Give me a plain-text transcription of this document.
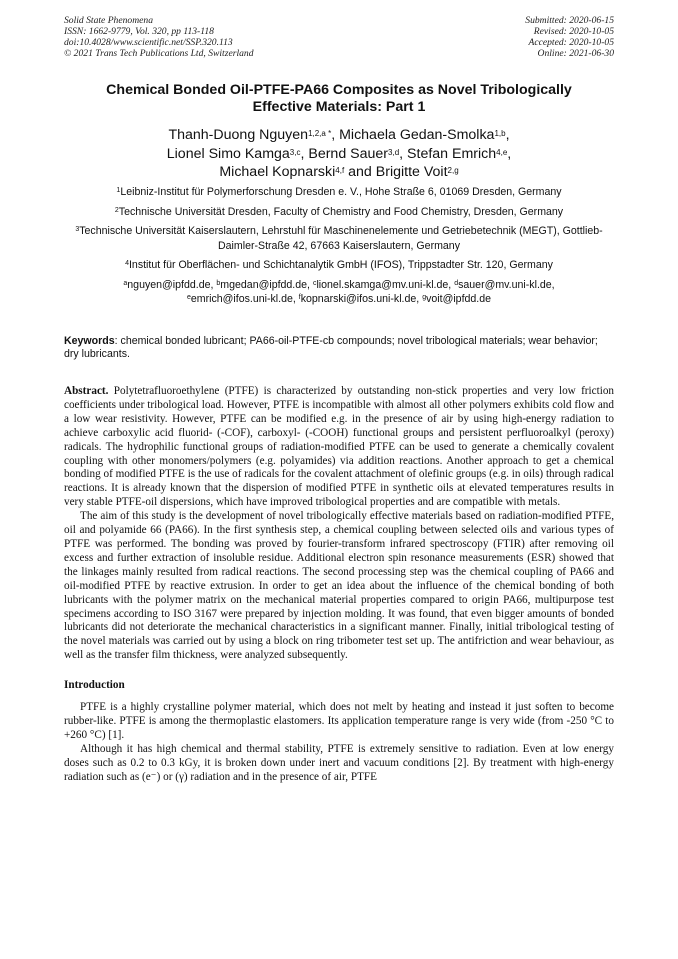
Solid State Phenomena
ISSN: 1662-9779, Vol. 320, pp 113-118
doi:10.4028/www.scientific.net/SSP.320.113
© 2021 Trans Tech Publications Ltd, Switzerland
Submitted: 2020-06-15
Revised: 2020-10-05
Accepted: 2020-10-05
Online: 2021-06-30
Chemical Bonded Oil-PTFE-PA66 Composites as Novel Tribologically
Effective Materials: Part 1
Thanh-Duong Nguyen$^{1,2,a *}$, Michaela Gedan-Smolka$^{1,b}$,
Lionel Simo Kamga$^{3,c}$, Bernd Sauer$^{3,d}$, Stefan Emrich$^{4,e}$,
Michael Kopnarski$^{4,f}$ and Brigitte Voit$^{2,g}$

$^1$Leibniz-Institut für Polymerforschung Dresden e. V., Hohe Straße 6, 01069 Dresden, Germany

$^2$Technische Universität Dresden, Faculty of Chemistry and Food Chemistry, Dresden, Germany

$^3$Technische Universität Kaiserslautern, Lehrstuhl für Maschinenelemente und Getriebetechnik (MEGT), Gottlieb-Daimler-Straße 42, 67663 Kaiserslautern, Germany

$^4$Institut für Oberflächen- und Schichtanalytik GmbH (IFOS), Trippstadter Str. 120, Germany

$^a$nguyen@ipfdd.de, $^b$mgedan@ipfdd.de, $^c$lionel.skamga@mv.uni-kl.de, $^d$sauer@mv.uni-kl.de,
$^e$emrich@ifos.uni-kl.de, $^f$kopnarski@ifos.uni-kl.de, $^g$voit@ipfdd.de

Keywords: chemical bonded lubricant; PA66-oil-PTFE-cb compounds; novel tribological materials; wear behavior; dry lubricants.

Abstract. Polytetrafluoroethylene (PTFE) is characterized by outstanding non-stick properties and very low friction coefficients under tribological load. However, PTFE is incompatible with almost all other polymers exhibits cold flow and a low wear resistivity. However, PTFE can be modified e.g. in the presence of air by using high-energy radiation to achieve carboxylic acid fluorid- (-COF), carboxyl- (-COOH) functional groups and persistent perfluoroalkyl (peroxy) radicals. The hydrophilic functional groups of radiation-modified PTFE can be used to generate a chemically covalent coupling with other monomers/polymers (e.g. polyamides) via addition reactions. Another approach to get a chemical bonding of modified PTFE is the use of radicals for the covalent attachment of olefinic groups (e.g. in oils) through radical reactions. It is already known that the dispersion of modified PTFE in synthetic oils at elevated temperatures results in very stable PTFE-oil dispersions, which have improved tribological properties and are compatible with metals.

The aim of this study is the development of novel tribologically effective materials based on radiation-modified PTFE, oil and polyamide 66 (PA66). In the first synthesis step, a chemical coupling between selected oils and various types of PTFE was performed. The bonding was proved by fourier-transform infrared spectroscopy (FTIR) after removing oil excess and further extraction of insoluble residue. Additional electron spin resonance measurements (ESR) showed that the linkages mainly resulted from radical reactions. The second processing step was the chemical coupling of PA66 and oil-modified PTFE by reactive extrusion. In order to get an idea about the influence of the chemical bonding of both lubricants with the polymer matrix on the mechanical material properties compared to origin PA66, multipurpose test specimens according to ISO 3167 were prepared by injection molding. It was found, that even bigger amounts of bonded lubricants did not deteriorate the mechanical characteristics in a significant manner. Finally, initial tribological testing of the novel materials was carried out by using a block on ring tribometer test set up. The antifriction and wear behaviour, as well as the transfer film thickness, were analyzed subsequently.

Introduction

PTFE is a highly crystalline polymer material, which does not melt by heating and instead it just soften to become rubber-like. PTFE is among the thermoplastic elastomers. Its application temperature range is very wide (from -250 °C to +260 °C) [1].

Although it has high chemical and thermal stability, PTFE is extremely sensitive to radiation. Even at low energy doses such as 0.2 to 0.3 kGy, it is broken down under inert and vacuum conditions [2]. By treatment with high-energy radiation such as (e⁻) or (γ) radiation and in the presence of air, PTFE
